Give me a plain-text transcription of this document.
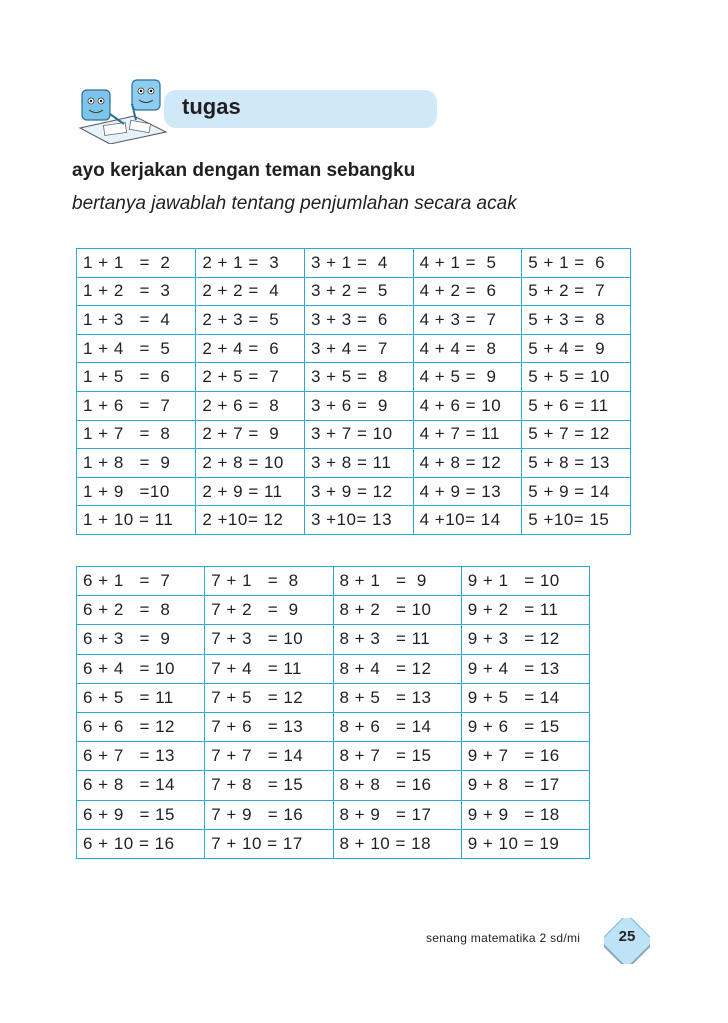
tugas
ayo kerjakan dengan teman sebangku
bertanya jawablah tentang penjumlahan secara acak
1 + 1   =  2	2 + 1 =  3	3 + 1 =  4	4 + 1 =  5	5 + 1 =  6
1 + 2   =  3	2 + 2 =  4	3 + 2 =  5	4 + 2 =  6	5 + 2 =  7
1 + 3   =  4	2 + 3 =  5	3 + 3 =  6	4 + 3 =  7	5 + 3 =  8
1 + 4   =  5	2 + 4 =  6	3 + 4 =  7	4 + 4 =  8	5 + 4 =  9
1 + 5   =  6	2 + 5 =  7	3 + 5 =  8	4 + 5 =  9	5 + 5 = 10
1 + 6   =  7	2 + 6 =  8	3 + 6 =  9	4 + 6 = 10	5 + 6 = 11
1 + 7   =  8	2 + 7 =  9	3 + 7 = 10	4 + 7 = 11	5 + 7 = 12
1 + 8   =  9	2 + 8 = 10	3 + 8 = 11	4 + 8 = 12	5 + 8 = 13
1 + 9   =10	2 + 9 = 11	3 + 9 = 12	4 + 9 = 13	5 + 9 = 14
1 + 10 = 11	2 +10= 12	3 +10= 13	4 +10= 14	5 +10= 15
6 + 1   =  7	7 + 1   =  8	8 + 1   =  9	9 + 1   = 10
6 + 2   =  8	7 + 2   =  9	8 + 2   = 10	9 + 2   = 11
6 + 3   =  9	7 + 3   = 10	8 + 3   = 11	9 + 3   = 12
6 + 4   = 10	7 + 4   = 11	8 + 4   = 12	9 + 4   = 13
6 + 5   = 11	7 + 5   = 12	8 + 5   = 13	9 + 5   = 14
6 + 6   = 12	7 + 6   = 13	8 + 6   = 14	9 + 6   = 15
6 + 7   = 13	7 + 7   = 14	8 + 7   = 15	9 + 7   = 16
6 + 8   = 14	7 + 8   = 15	8 + 8   = 16	9 + 8   = 17
6 + 9   = 15	7 + 9   = 16	8 + 9   = 17	9 + 9   = 18
6 + 10 = 16	7 + 10 = 17	8 + 10 = 18	9 + 10 = 19
senang matematika 2 sd/mi	25
